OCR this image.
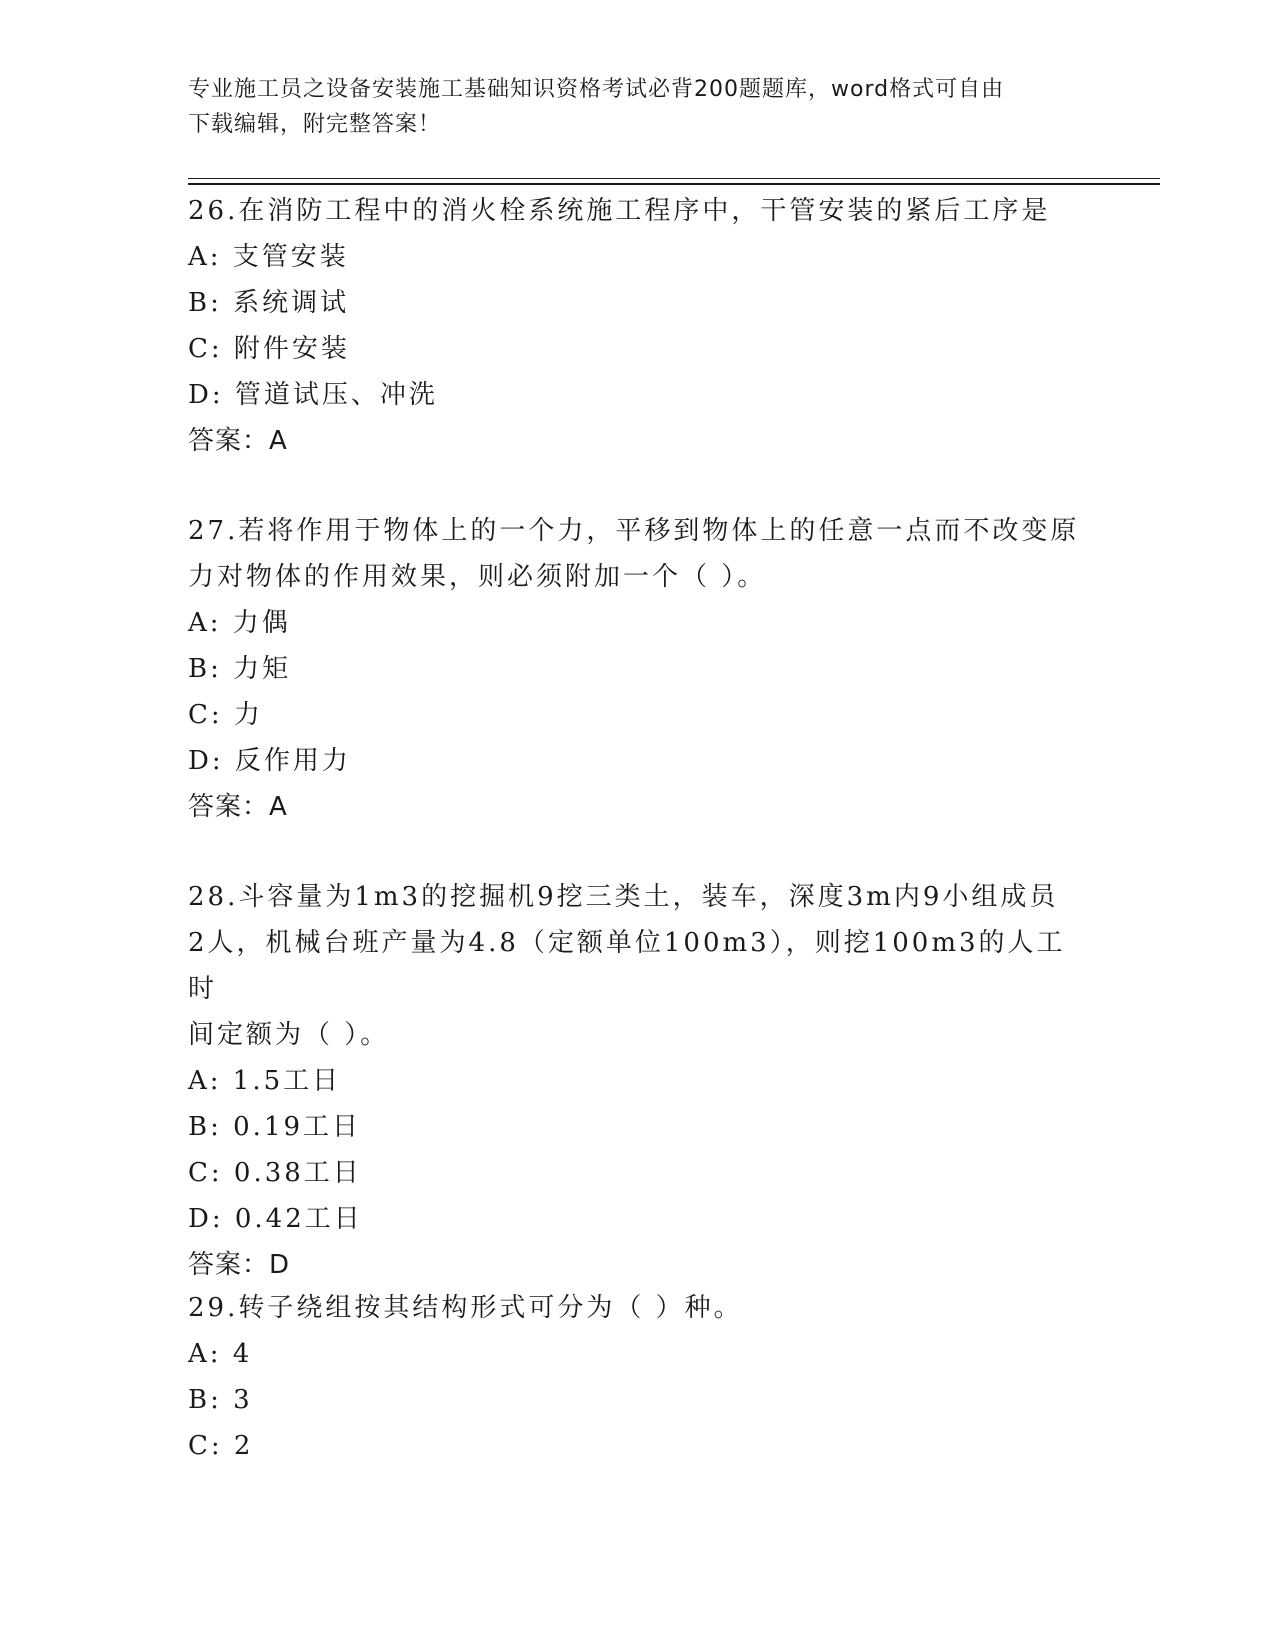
专业施工员之设备安装施工基础知识资格考试必背200题题库，word格式可自由
下载编辑，附完整答案！
26.在消防工程中的消火栓系统施工程序中，干管安装的紧后工序是
A: 支管安装
B: 系统调试
C: 附件安装
D: 管道试压、冲洗
答案：A
27.若将作用于物体上的一个力，平移到物体上的任意一点而不改变原
力对物体的作用效果，则必须附加一个（ ）。
A: 力偶
B: 力矩
C: 力
D: 反作用力
答案：A
28.斗容量为1m3的挖掘机9挖三类土，装车，深度3m内9小组成员
2人，机械台班产量为4.8（定额单位100m3），则挖100m3的人工时
间定额为（ ）。
A: 1.5工日
B: 0.19工日
C: 0.38工日
D: 0.42工日
答案：D
29.转子绕组按其结构形式可分为（ ）种。
A: 4
B: 3
C: 2
